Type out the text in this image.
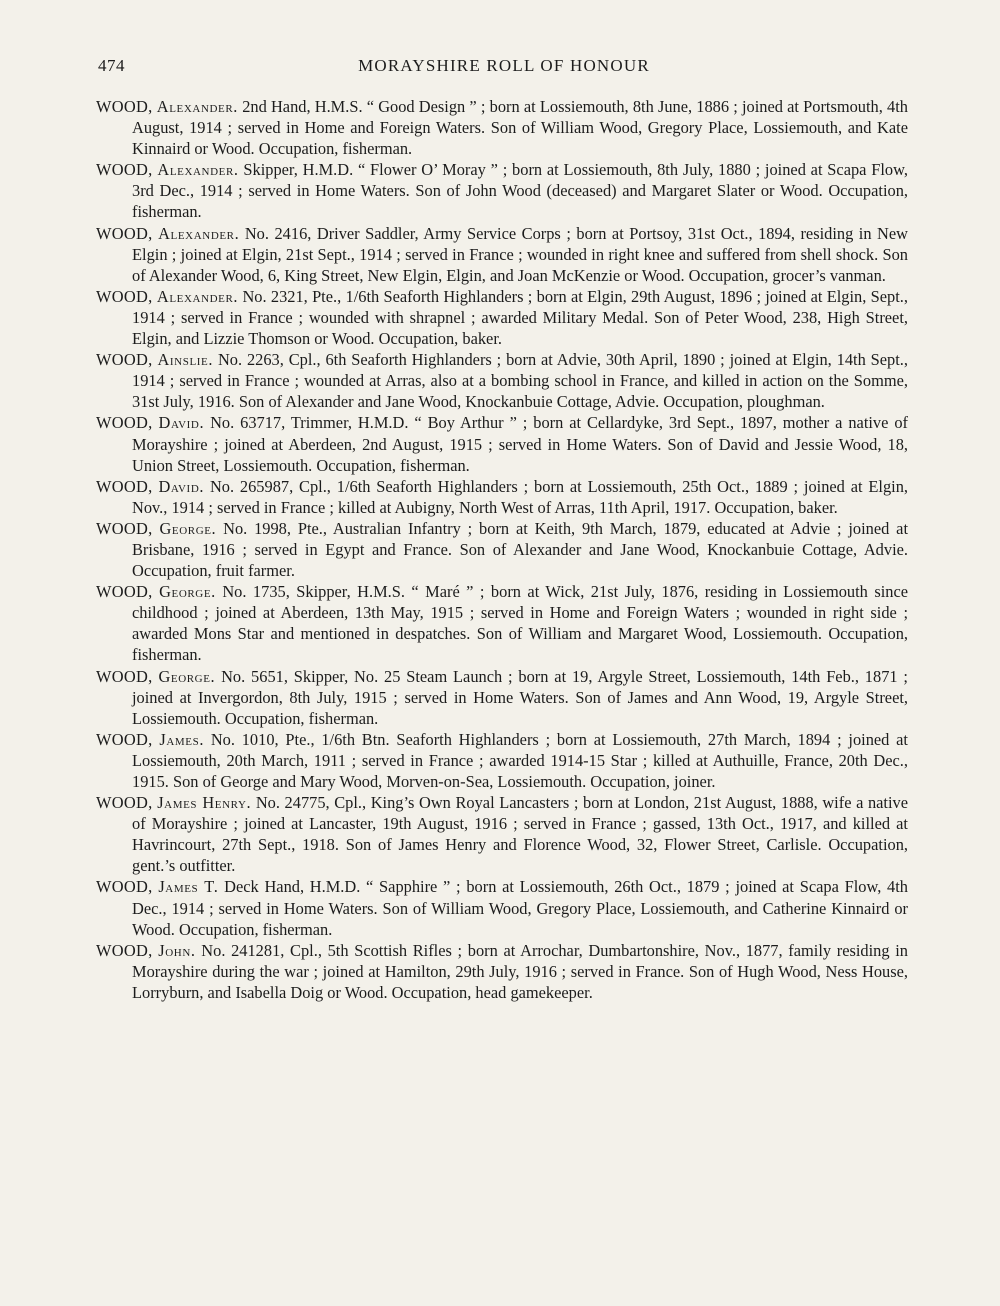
474	MORAYSHIRE ROLL OF HONOUR

WOOD, Alexander. 2nd Hand, H.M.S. “ Good Design ” ; born at Lossiemouth, 8th June, 1886 ; joined at Portsmouth, 4th August, 1914 ; served in Home and Foreign Waters. Son of William Wood, Gregory Place, Lossiemouth, and Kate Kinnaird or Wood. Occupation, fisherman.

WOOD, Alexander. Skipper, H.M.D. “ Flower O’ Moray ” ; born at Lossiemouth, 8th July, 1880 ; joined at Scapa Flow, 3rd Dec., 1914 ; served in Home Waters. Son of John Wood (deceased) and Margaret Slater or Wood. Occupation, fisherman.

WOOD, Alexander. No. 2416, Driver Saddler, Army Service Corps ; born at Portsoy, 31st Oct., 1894, residing in New Elgin ; joined at Elgin, 21st Sept., 1914 ; served in France ; wounded in right knee and suffered from shell shock. Son of Alexander Wood, 6, King Street, New Elgin, Elgin, and Joan McKenzie or Wood. Occupation, grocer’s vanman.

WOOD, Alexander. No. 2321, Pte., 1/6th Seaforth Highlanders ; born at Elgin, 29th August, 1896 ; joined at Elgin, Sept., 1914 ; served in France ; wounded with shrapnel ; awarded Military Medal. Son of Peter Wood, 238, High Street, Elgin, and Lizzie Thomson or Wood. Occupation, baker.

WOOD, Ainslie. No. 2263, Cpl., 6th Seaforth Highlanders ; born at Advie, 30th April, 1890 ; joined at Elgin, 14th Sept., 1914 ; served in France ; wounded at Arras, also at a bombing school in France, and killed in action on the Somme, 31st July, 1916. Son of Alexander and Jane Wood, Knockanbuie Cottage, Advie. Occupation, ploughman.

WOOD, David. No. 63717, Trimmer, H.M.D. “ Boy Arthur ” ; born at Cellardyke, 3rd Sept., 1897, mother a native of Morayshire ; joined at Aberdeen, 2nd August, 1915 ; served in Home Waters. Son of David and Jessie Wood, 18, Union Street, Lossiemouth. Occupation, fisherman.

WOOD, David. No. 265987, Cpl., 1/6th Seaforth Highlanders ; born at Lossiemouth, 25th Oct., 1889 ; joined at Elgin, Nov., 1914 ; served in France ; killed at Aubigny, North West of Arras, 11th April, 1917. Occupation, baker.

WOOD, George. No. 1998, Pte., Australian Infantry ; born at Keith, 9th March, 1879, educated at Advie ; joined at Brisbane, 1916 ; served in Egypt and France. Son of Alexander and Jane Wood, Knockanbuie Cottage, Advie. Occupation, fruit farmer.

WOOD, George. No. 1735, Skipper, H.M.S. “ Maré ” ; born at Wick, 21st July, 1876, residing in Lossiemouth since childhood ; joined at Aberdeen, 13th May, 1915 ; served in Home and Foreign Waters ; wounded in right side ; awarded Mons Star and mentioned in despatches. Son of William and Margaret Wood, Lossiemouth. Occupation, fisherman.

WOOD, George. No. 5651, Skipper, No. 25 Steam Launch ; born at 19, Argyle Street, Lossiemouth, 14th Feb., 1871 ; joined at Invergordon, 8th July, 1915 ; served in Home Waters. Son of James and Ann Wood, 19, Argyle Street, Lossiemouth. Occupation, fisherman.

WOOD, James. No. 1010, Pte., 1/6th Btn. Seaforth Highlanders ; born at Lossiemouth, 27th March, 1894 ; joined at Lossiemouth, 20th March, 1911 ; served in France ; awarded 1914-15 Star ; killed at Authuille, France, 20th Dec., 1915. Son of George and Mary Wood, Morven-on-Sea, Lossiemouth. Occupation, joiner.

WOOD, James Henry. No. 24775, Cpl., King’s Own Royal Lancasters ; born at London, 21st August, 1888, wife a native of Morayshire ; joined at Lancaster, 19th August, 1916 ; served in France ; gassed, 13th Oct., 1917, and killed at Havrincourt, 27th Sept., 1918. Son of James Henry and Florence Wood, 32, Flower Street, Carlisle. Occupation, gent.’s outfitter.

WOOD, James T. Deck Hand, H.M.D. “ Sapphire ” ; born at Lossiemouth, 26th Oct., 1879 ; joined at Scapa Flow, 4th Dec., 1914 ; served in Home Waters. Son of William Wood, Gregory Place, Lossiemouth, and Catherine Kinnaird or Wood. Occupation, fisherman.

WOOD, John. No. 241281, Cpl., 5th Scottish Rifles ; born at Arrochar, Dumbartonshire, Nov., 1877, family residing in Morayshire during the war ; joined at Hamilton, 29th July, 1916 ; served in France. Son of Hugh Wood, Ness House, Lorryburn, and Isabella Doig or Wood. Occupation, head gamekeeper.
